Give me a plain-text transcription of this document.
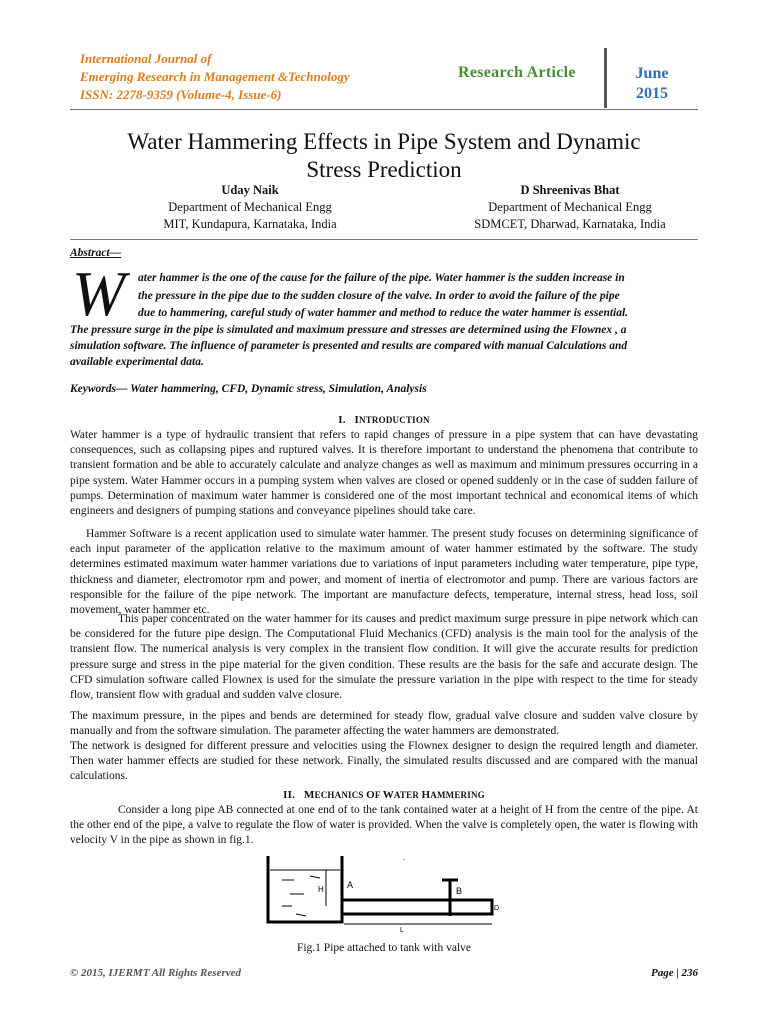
International Journal of
Emerging Research in Management &Technology
ISSN: 2278-9359 (Volume-4, Issue-6)
Research Article	June
2015
Water Hammering Effects in Pipe System and Dynamic
Stress Prediction
Uday Naik
Department of Mechanical Engg
MIT, Kundapura, Karnataka, India
D Shreenivas Bhat
Department of Mechanical Engg
SDMCET, Dharwad, Karnataka, India
Abstract—
W ater hammer is the one of the cause for the failure of the pipe. Water hammer is the sudden increase in
the pressure in the pipe due to the sudden closure of the valve. In order to avoid the failure of the pipe
due to hammering, careful study of water hammer and method to reduce the water hammer is essential.
The pressure surge in the pipe is simulated and maximum pressure and stresses are determined using the Flownex , a
simulation software. The influence of parameter is presented and results are compared with manual Calculations and
available experimental data.
Keywords— Water hammering, CFD, Dynamic stress, Simulation, Analysis
I. INTRODUCTION
Water hammer is a type of hydraulic transient that refers to rapid changes of pressure in a pipe system that can have devastating consequences, such as collapsing pipes and ruptured valves. It is therefore important to understand the phenomena that contribute to transient formation and be able to accurately calculate and analyze changes as well as maximum and minimum pressures occurring in a pipe system. Water Hammer occurs in a pumping system when valves are closed or opened suddenly or in the case of sudden failure of pumps. Determination of maximum water hammer is considered one of the most important technical and economical items of which engineers and designers of pumping stations and conveyance pipelines should take care.
Hammer Software is a recent application used to simulate water hammer. The present study focuses on determining significance of each input parameter of the application relative to the maximum amount of water hammer estimated by the software. The study determines estimated maximum water hammer variations due to variations of input parameters including water temperature, pipe type, thickness and diameter, electromotor rpm and power, and moment of inertia of electromotor and pump. There are various factors are responsible for the failure of the pipe network. The important are manufacture defects, temperature, internal stress, head loss, soil movement, water hammer etc.
This paper concentrated on the water hammer for its causes and predict maximum surge pressure in pipe network which can be considered for the future pipe design. The Computational Fluid Mechanics (CFD) analysis is the main tool for the analysis of the transient flow. The numerical analysis is very complex in the transient flow condition. It will give the accurate results for prediction pressure surge and stress in the pipe material for the given condition. These results are the basis for the safe and accurate design. The CFD simulation software called Flownex is used for the simulate the pressure variation in the pipe with respect to the time for steady flow, transient flow with gradual and sudden valve closure.
The maximum pressure, in the pipes and bends are determined for steady flow, gradual valve closure and sudden valve closure by manually and from the software simulation. The parameter affecting the water hammers are demonstrated.
The network is designed for different pressure and velocities using the Flownex designer to design the required length and diameter. Then water hammer effects are studied for these network. Finally, the simulated results discussed and are compared with the manual calculations.
II. MECHANICS OF WATER HAMMERING
Consider a long pipe AB connected at one end of to the tank contained water at a height of H from the centre of the pipe. At the other end of the pipe, a valve to regulate the flow of water is provided. When the valve is completely open, the water is flowing with velocity V in the pipe as shown in fig.1.
H	A
B
D
L
.
Fig.1 Pipe attached to tank with valve
© 2015, IJERMT All Rights Reserved	Page | 236
